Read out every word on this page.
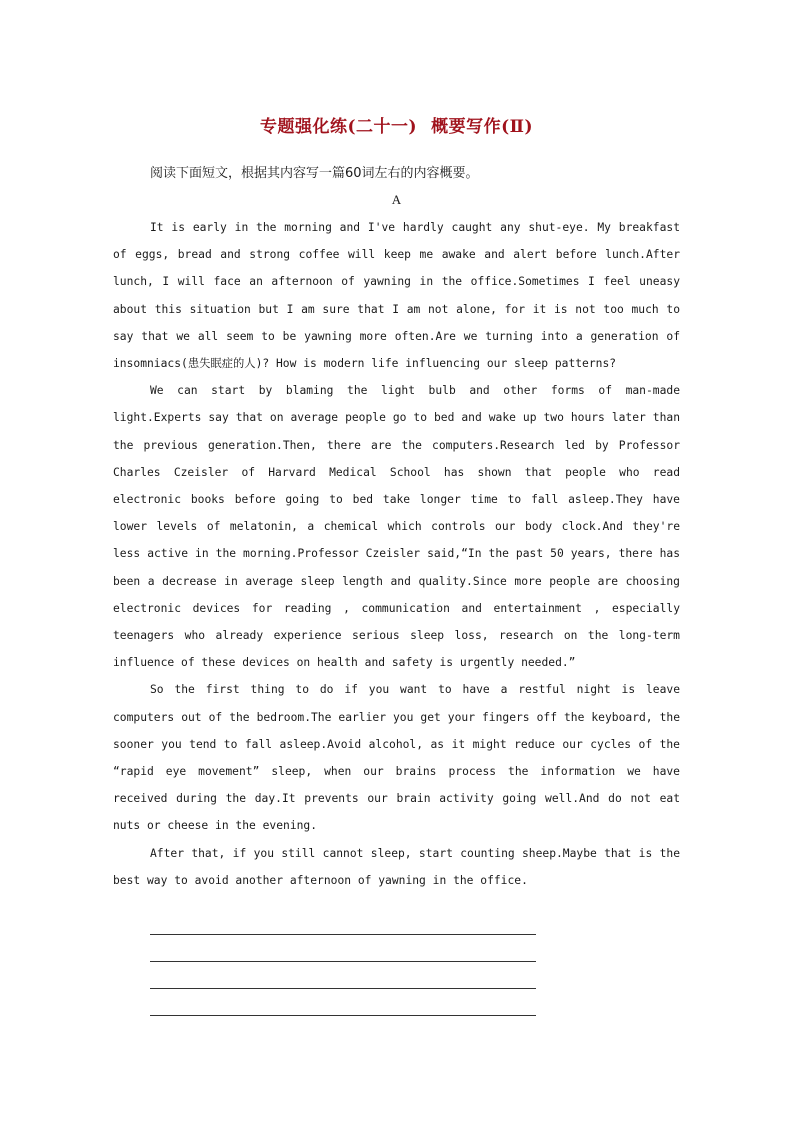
专题强化练(二十一) 概要写作(Ⅱ)
阅读下面短文，根据其内容写一篇60词左右的内容概要。
A

It is early in the morning and I've hardly caught any shut-eye. My breakfast of eggs, bread and strong coffee will keep me awake and alert before lunch.After lunch, I will face an afternoon of yawning in the office.Sometimes I feel uneasy about this situation but I am sure that I am not alone, for it is not too much to say that we all seem to be yawning more often.Are we turning into a generation of insomniacs(患失眠症的人)? How is modern life influencing our sleep patterns?

We can start by blaming the light bulb and other forms of man-made light.Experts say that on average people go to bed and wake up two hours later than the previous generation.Then, there are the computers.Research led by Professor Charles Czeisler of Harvard Medical School has shown that people who read electronic books before going to bed take longer time to fall asleep.They have lower levels of melatonin, a chemical which controls our body clock.And they're less active in the morning.Professor Czeisler said,“In the past 50 years, there has been a decrease in average sleep length and quality.Since more people are choosing electronic devices for reading , communication and entertainment , especially teenagers who already experience serious sleep loss, research on the long-term influence of these devices on health and safety is urgently needed.”

So the first thing to do if you want to have a restful night is leave computers out of the bedroom.The earlier you get your fingers off the keyboard, the sooner you tend to fall asleep.Avoid alcohol, as it might reduce our cycles of the “rapid eye movement” sleep, when our brains process the information we have received during the day.It prevents our brain activity going well.And do not eat nuts or cheese in the evening.

After that, if you still cannot sleep, start counting sheep.Maybe that is the best way to avoid another afternoon of yawning in the office.
